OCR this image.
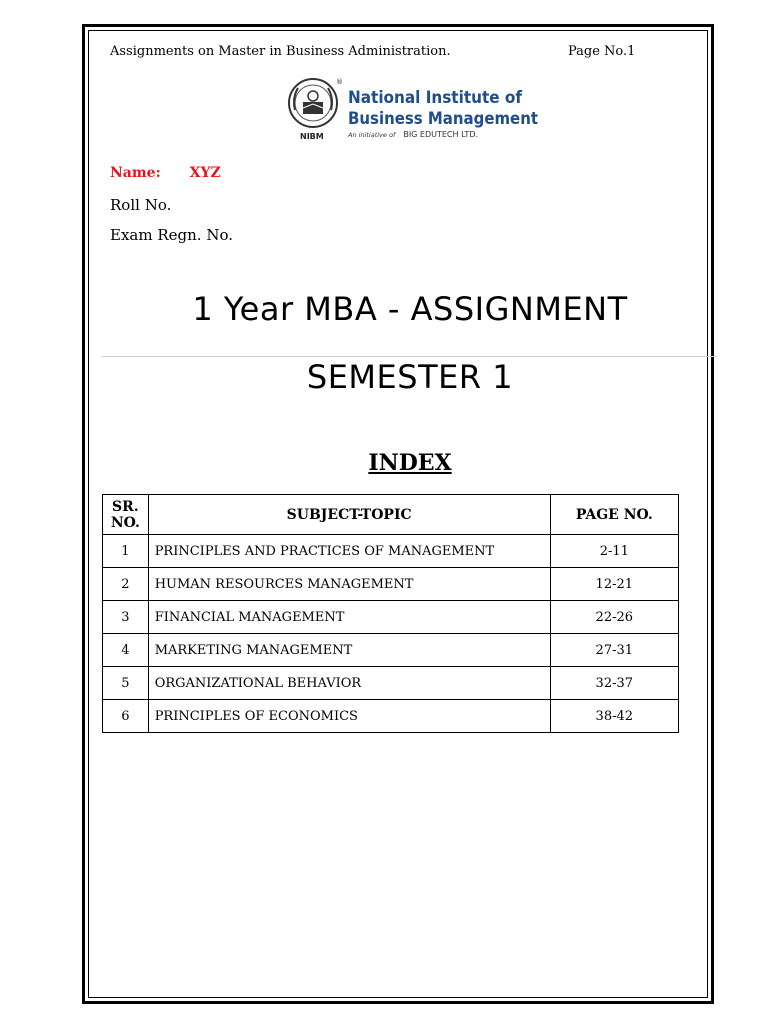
Assignments on Master in Business Administration.	Page No.1
NIBM
®
National Institute of
Business Management
An initiative of BIG EDUTECH LTD.
Name: XYZ
Roll No.
Exam Regn. No.
1 Year MBA - ASSIGNMENT
SEMESTER 1
INDEX
SR.
NO.	SUBJECT-TOPIC	PAGE NO.
1	PRINCIPLES AND PRACTICES OF MANAGEMENT	2-11
2	HUMAN RESOURCES MANAGEMENT	12-21
3	FINANCIAL MANAGEMENT	22-26
4	MARKETING MANAGEMENT	27-31
5	ORGANIZATIONAL BEHAVIOR	32-37
6	PRINCIPLES OF ECONOMICS	38-42
